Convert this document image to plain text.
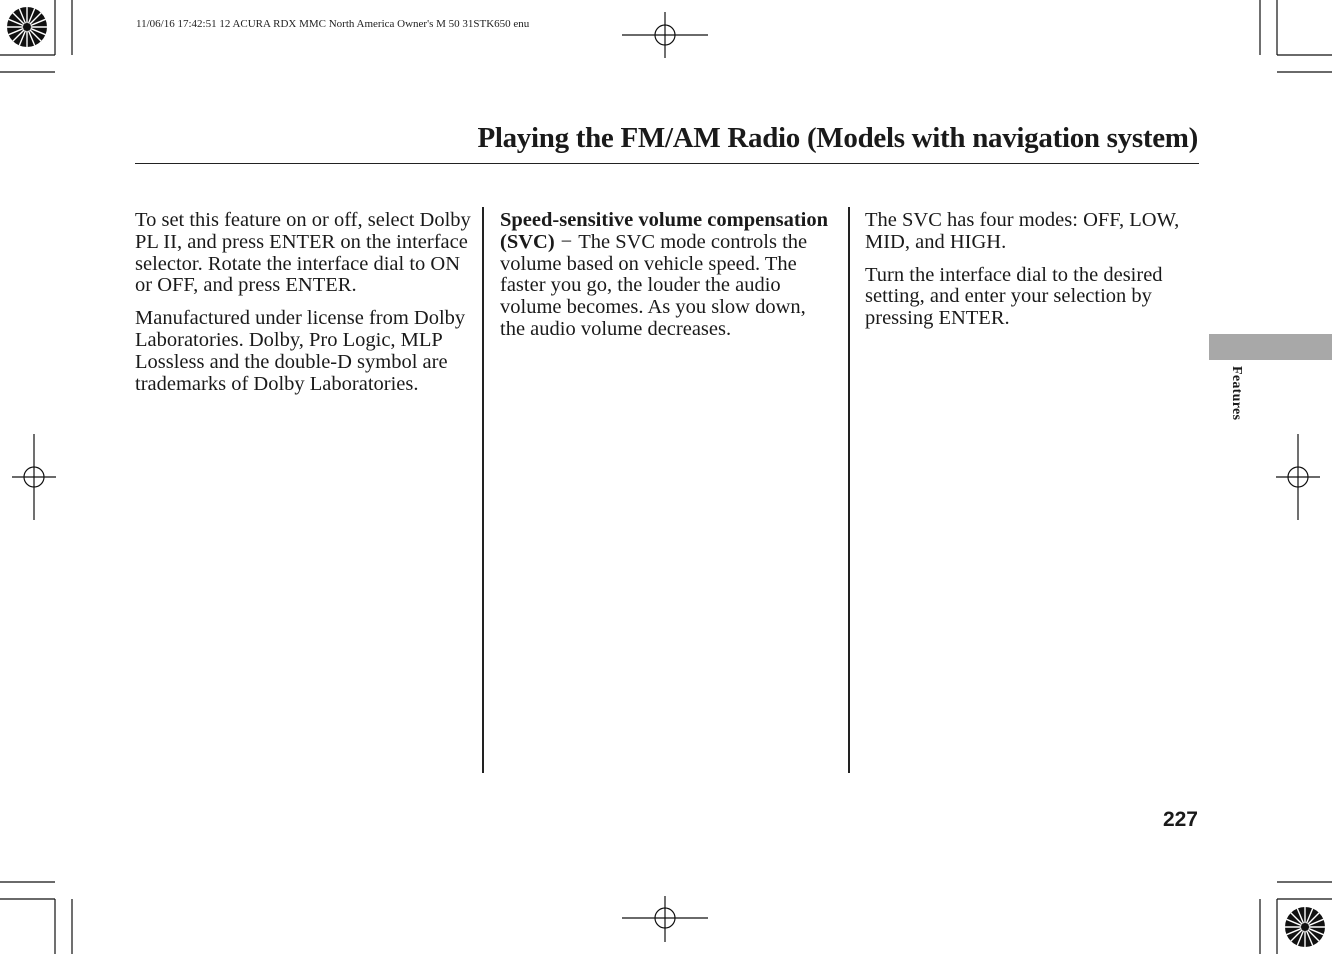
11/06/16 17:42:51 12 ACURA RDX MMC North America Owner's M 50 31STK650 enu
Playing the FM/AM Radio (Models with navigation system)

To set this feature on or off, select Dolby PL II, and press ENTER on the interface selector. Rotate the interface dial to ON or OFF, and press ENTER.

Manufactured under license from Dolby Laboratories. Dolby, Pro Logic, MLP Lossless and the double-D symbol are trademarks of Dolby Laboratories.

Speed-sensitive volume compensation (SVC) − The SVC mode controls the volume based on vehicle speed. The faster you go, the louder the audio volume becomes. As you slow down, the audio volume decreases.

The SVC has four modes: OFF, LOW, MID, and HIGH.

Turn the interface dial to the desired setting, and enter your selection by pressing ENTER.

Features
227
